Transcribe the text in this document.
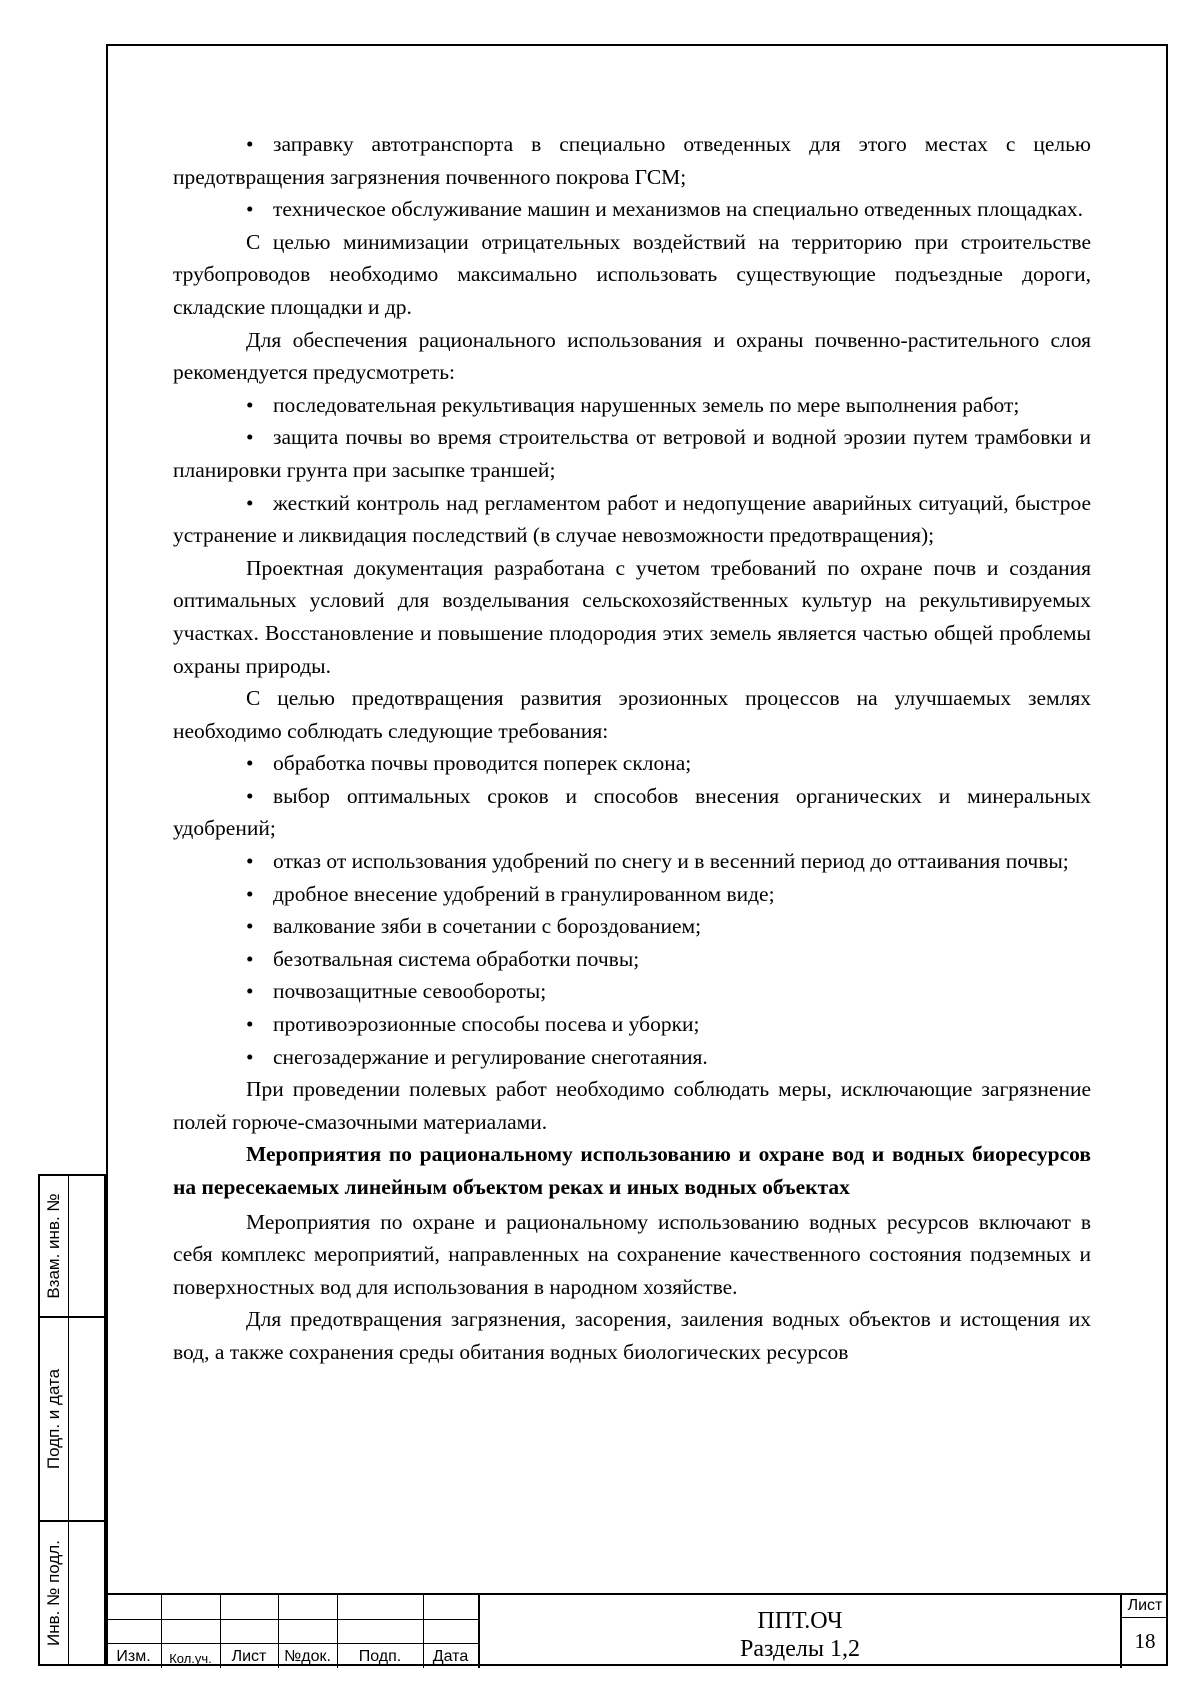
• заправку автотранспорта в специально отведенных для этого местах с целью предотвращения загрязнения почвенного покрова ГСМ;

• техническое обслуживание машин и механизмов на специально отведенных площадках.

С целью минимизации отрицательных воздействий на территорию при строительстве трубопроводов необходимо максимально использовать существующие подъездные дороги, складские площадки и др.

Для обеспечения рационального использования и охраны почвенно-растительного слоя рекомендуется предусмотреть:

• последовательная рекультивация нарушенных земель по мере выполнения работ;

• защита почвы во время строительства от ветровой и водной эрозии путем трамбовки и планировки грунта при засыпке траншей;

• жесткий контроль над регламентом работ и недопущение аварийных ситуаций, быстрое устранение и ликвидация последствий (в случае невозможности предотвращения);

Проектная документация разработана с учетом требований по охране почв и создания оптимальных условий для возделывания сельскохозяйственных культур на рекультивируемых участках. Восстановление и повышение плодородия этих земель является частью общей проблемы охраны природы.

С целью предотвращения развития эрозионных процессов на улучшаемых землях необходимо соблюдать следующие требования:

• обработка почвы проводится поперек склона;

• выбор оптимальных сроков и способов внесения органических и минеральных удобрений;

• отказ от использования удобрений по снегу и в весенний период до оттаивания почвы;

• дробное внесение удобрений в гранулированном виде;

• валкование зяби в сочетании с бороздованием;

• безотвальная система обработки почвы;

• почвозащитные севообороты;

• противоэрозионные способы посева и уборки;

• снегозадержание и регулирование снеготаяния.

При проведении полевых работ необходимо соблюдать меры, исключающие загрязнение полей горюче-смазочными материалами.

Мероприятия по рациональному использованию и охране вод и водных биоресурсов на пересекаемых линейным объектом реках и иных водных объектах

Мероприятия по охране и рациональному использованию водных ресурсов включают в себя комплекс мероприятий, направленных на сохранение качественного состояния подземных и поверхностных вод для использования в народном хозяйстве.

Для предотвращения загрязнения, засорения, заиления водных объектов и истощения их вод, а также сохранения среды обитания водных биологических ресурсов

Взам. инв. №
Подп. и дата
Инв. № подл.
Изм.	Кол.уч.	Лист	№док.	Подп.	Дата
ППТ.ОЧ
Разделы 1,2
Лист
18
